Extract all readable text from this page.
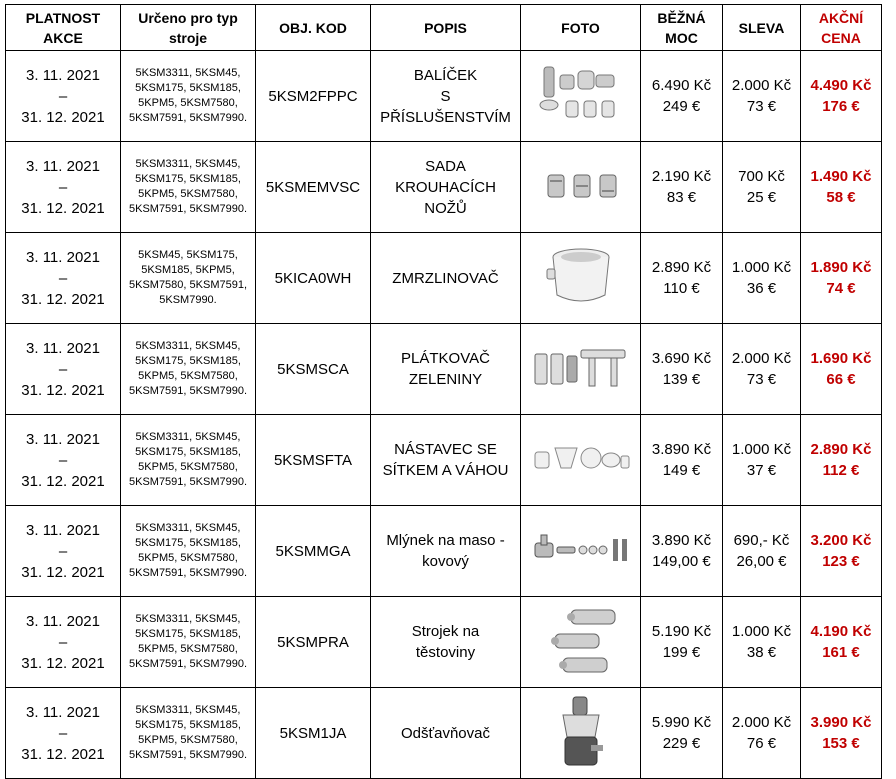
PLATNOST
AKCE	Určeno pro typ
stroje	OBJ. KOD	POPIS	FOTO	BĚŽNÁ
MOC	SLEVA	AKČNÍ
CENA

3. 11. 2021
–
31. 12. 2021	5KSM3311, 5KSM45,
5KSM175, 5KSM185,
5KPM5, 5KSM7580,
5KSM7591, 5KSM7990.	5KSM2FPPC	BALÍČEK
S PŘÍSLUŠENSTVÍM		6.490 Kč
249 €	2.000 Kč
73 €	4.490 Kč
176 €

3. 11. 2021
–
31. 12. 2021	5KSM3311, 5KSM45,
5KSM175, 5KSM185,
5KPM5, 5KSM7580,
5KSM7591, 5KSM7990.	5KSMEMVSC	SADA
KROUHACÍCH
NOŽŮ		2.190 Kč
83 €	700 Kč
25 €	1.490 Kč
58 €

3. 11. 2021
–
31. 12. 2021	5KSM45, 5KSM175,
5KSM185, 5KPM5,
5KSM7580, 5KSM7591,
5KSM7990.	5KICA0WH	ZMRZLINOVAČ		2.890 Kč
110 €	1.000 Kč
36 €	1.890 Kč
74 €

3. 11. 2021
–
31. 12. 2021	5KSM3311, 5KSM45,
5KSM175, 5KSM185,
5KPM5, 5KSM7580,
5KSM7591, 5KSM7990.	5KSMSCA	PLÁTKOVAČ
ZELENINY		3.690 Kč
139 €	2.000 Kč
73 €	1.690 Kč
66 €

3. 11. 2021
–
31. 12. 2021	5KSM3311, 5KSM45,
5KSM175, 5KSM185,
5KPM5, 5KSM7580,
5KSM7591, 5KSM7990.	5KSMSFTA	NÁSTAVEC SE
SÍTKEM A VÁHOU		3.890 Kč
149 €	1.000 Kč
37 €	2.890 Kč
112 €

3. 11. 2021
–
31. 12. 2021	5KSM3311, 5KSM45,
5KSM175, 5KSM185,
5KPM5, 5KSM7580,
5KSM7591, 5KSM7990.	5KSMMGA	Mlýnek na maso -
kovový		3.890 Kč
149,00 €	690,- Kč
26,00 €	3.200 Kč
123 €

3. 11. 2021
–
31. 12. 2021	5KSM3311, 5KSM45,
5KSM175, 5KSM185,
5KPM5, 5KSM7580,
5KSM7591, 5KSM7990.	5KSMPRA	Strojek na
těstoviny		5.190 Kč
199 €	1.000 Kč
38 €	4.190 Kč
161 €

3. 11. 2021
–
31. 12. 2021	5KSM3311, 5KSM45,
5KSM175, 5KSM185,
5KPM5, 5KSM7580,
5KSM7591, 5KSM7990.	5KSM1JA	Odšťavňovač		5.990 Kč
229 €	2.000 Kč
76 €	3.990 Kč
153 €
